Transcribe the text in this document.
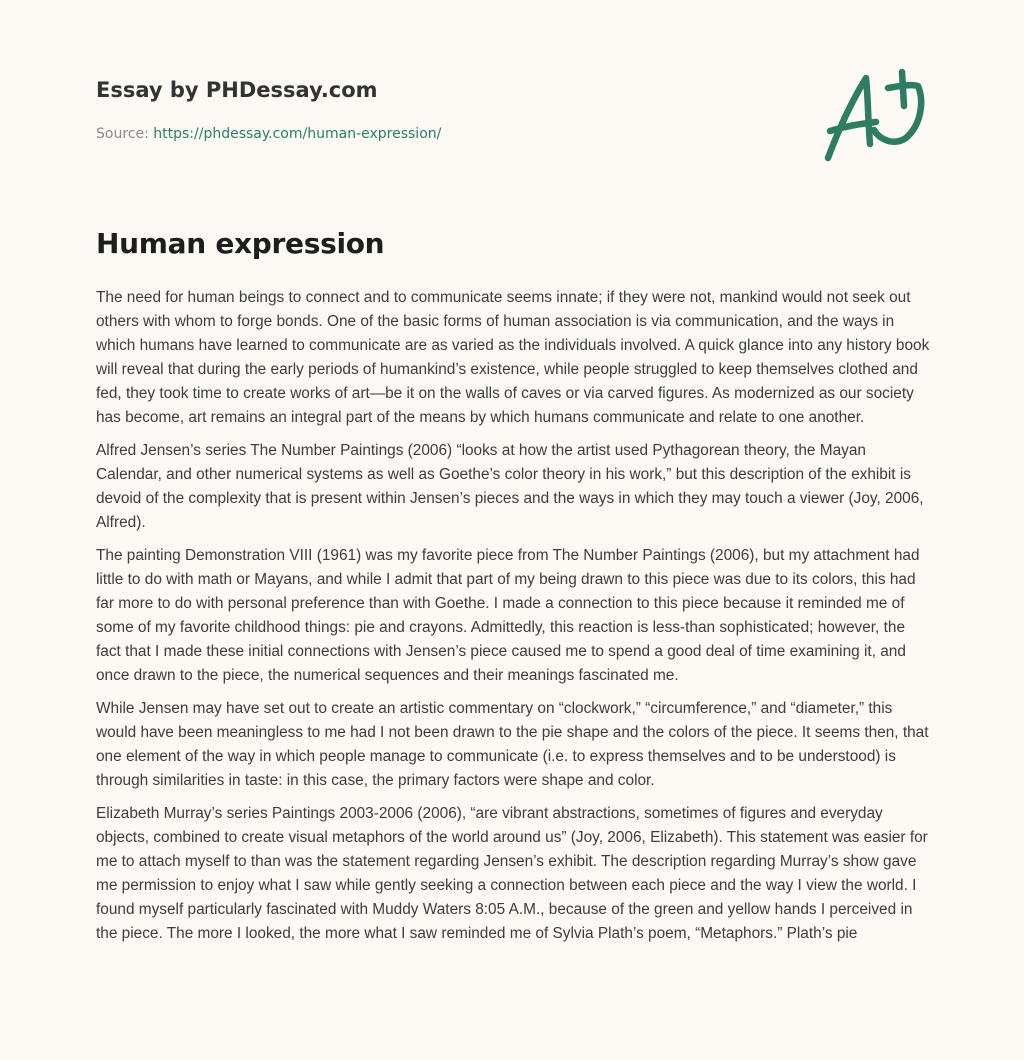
Essay by PHDessay.com
Source: https://phdessay.com/human-expression/
Human expression

The need for human beings to connect and to communicate seems innate; if they were not, mankind would not seek out others with whom to forge bonds. One of the basic forms of human association is via communication, and the ways in which humans have learned to communicate are as varied as the individuals involved. A quick glance into any history book will reveal that during the early periods of humankind’s existence, while people struggled to keep themselves clothed and fed, they took time to create works of art—be it on the walls of caves or via carved figures. As modernized as our society has become, art remains an integral part of the means by which humans communicate and relate to one another.

Alfred Jensen’s series The Number Paintings (2006) “looks at how the artist used Pythagorean theory, the Mayan Calendar, and other numerical systems as well as Goethe’s color theory in his work,” but this description of the exhibit is devoid of the complexity that is present within Jensen’s pieces and the ways in which they may touch a viewer (Joy, 2006, Alfred).

The painting Demonstration VIII (1961) was my favorite piece from The Number Paintings (2006), but my attachment had little to do with math or Mayans, and while I admit that part of my being drawn to this piece was due to its colors, this had far more to do with personal preference than with Goethe. I made a connection to this piece because it reminded me of some of my favorite childhood things: pie and crayons. Admittedly, this reaction is less-than sophisticated; however, the fact that I made these initial connections with Jensen’s piece caused me to spend a good deal of time examining it, and once drawn to the piece, the numerical sequences and their meanings fascinated me.

While Jensen may have set out to create an artistic commentary on “clockwork,” “circumference,” and “diameter,” this would have been meaningless to me had I not been drawn to the pie shape and the colors of the piece. It seems then, that one element of the way in which people manage to communicate (i.e. to express themselves and to be understood) is through similarities in taste: in this case, the primary factors were shape and color.

Elizabeth Murray’s series Paintings 2003-2006 (2006), “are vibrant abstractions, sometimes of figures and everyday objects, combined to create visual metaphors of the world around us” (Joy, 2006, Elizabeth). This statement was easier for me to attach myself to than was the statement regarding Jensen’s exhibit. The description regarding Murray’s show gave me permission to enjoy what I saw while gently seeking a connection between each piece and the way I view the world. I found myself particularly fascinated with Muddy Waters 8:05 A.M., because of the green and yellow hands I perceived in the piece. The more I looked, the more what I saw reminded me of Sylvia Plath’s poem, “Metaphors.” Plath’s pie
